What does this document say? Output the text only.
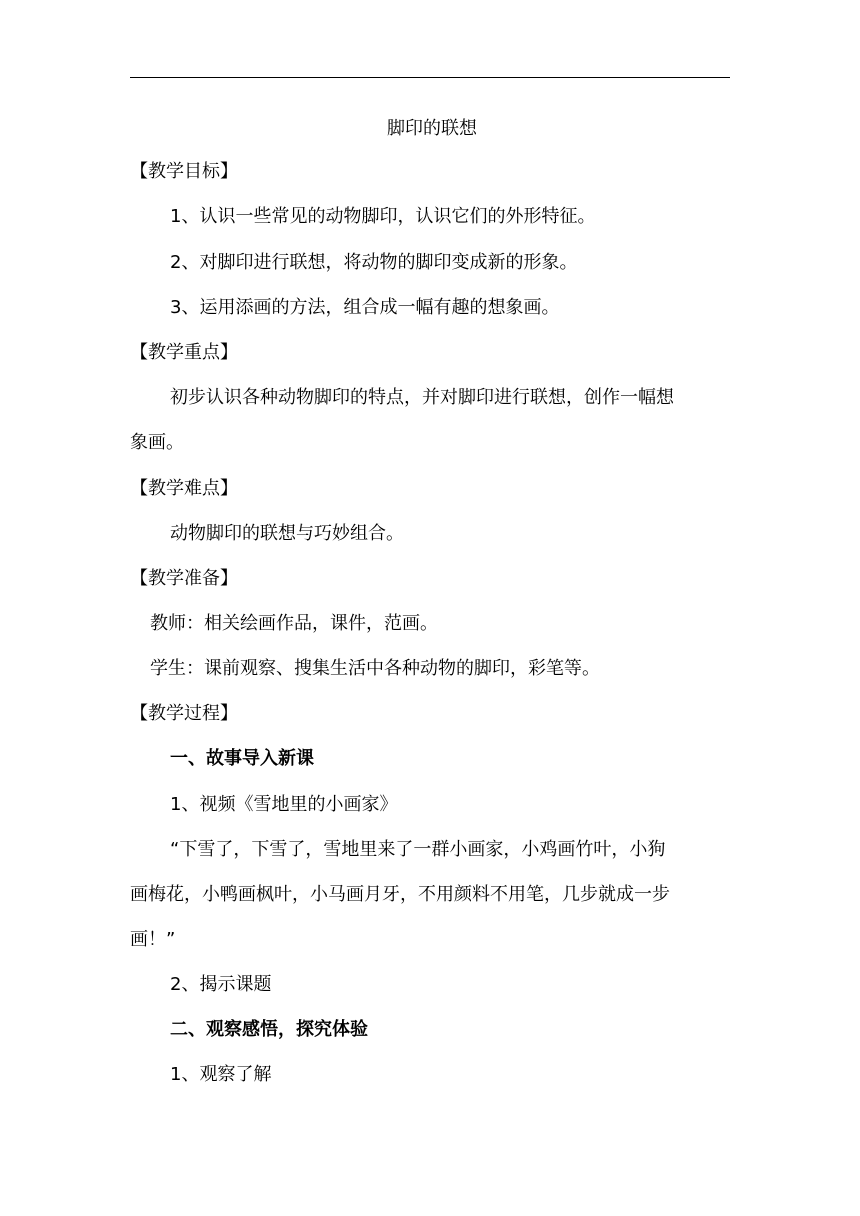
脚印的联想
【教学目标】
1、认识一些常见的动物脚印，认识它们的外形特征。
2、对脚印进行联想，将动物的脚印变成新的形象。
3、运用添画的方法，组合成一幅有趣的想象画。
【教学重点】
初步认识各种动物脚印的特点，并对脚印进行联想，创作一幅想
象画。
【教学难点】
动物脚印的联想与巧妙组合。
【教学准备】
教师：相关绘画作品，课件，范画。
学生：课前观察、搜集生活中各种动物的脚印，彩笔等。
【教学过程】
一、故事导入新课
1、视频《雪地里的小画家》
“下雪了，下雪了，雪地里来了一群小画家，小鸡画竹叶，小狗
画梅花，小鸭画枫叶，小马画月牙，不用颜料不用笔，几步就成一步
画！”
2、揭示课题
二、观察感悟，探究体验
1、观察了解
